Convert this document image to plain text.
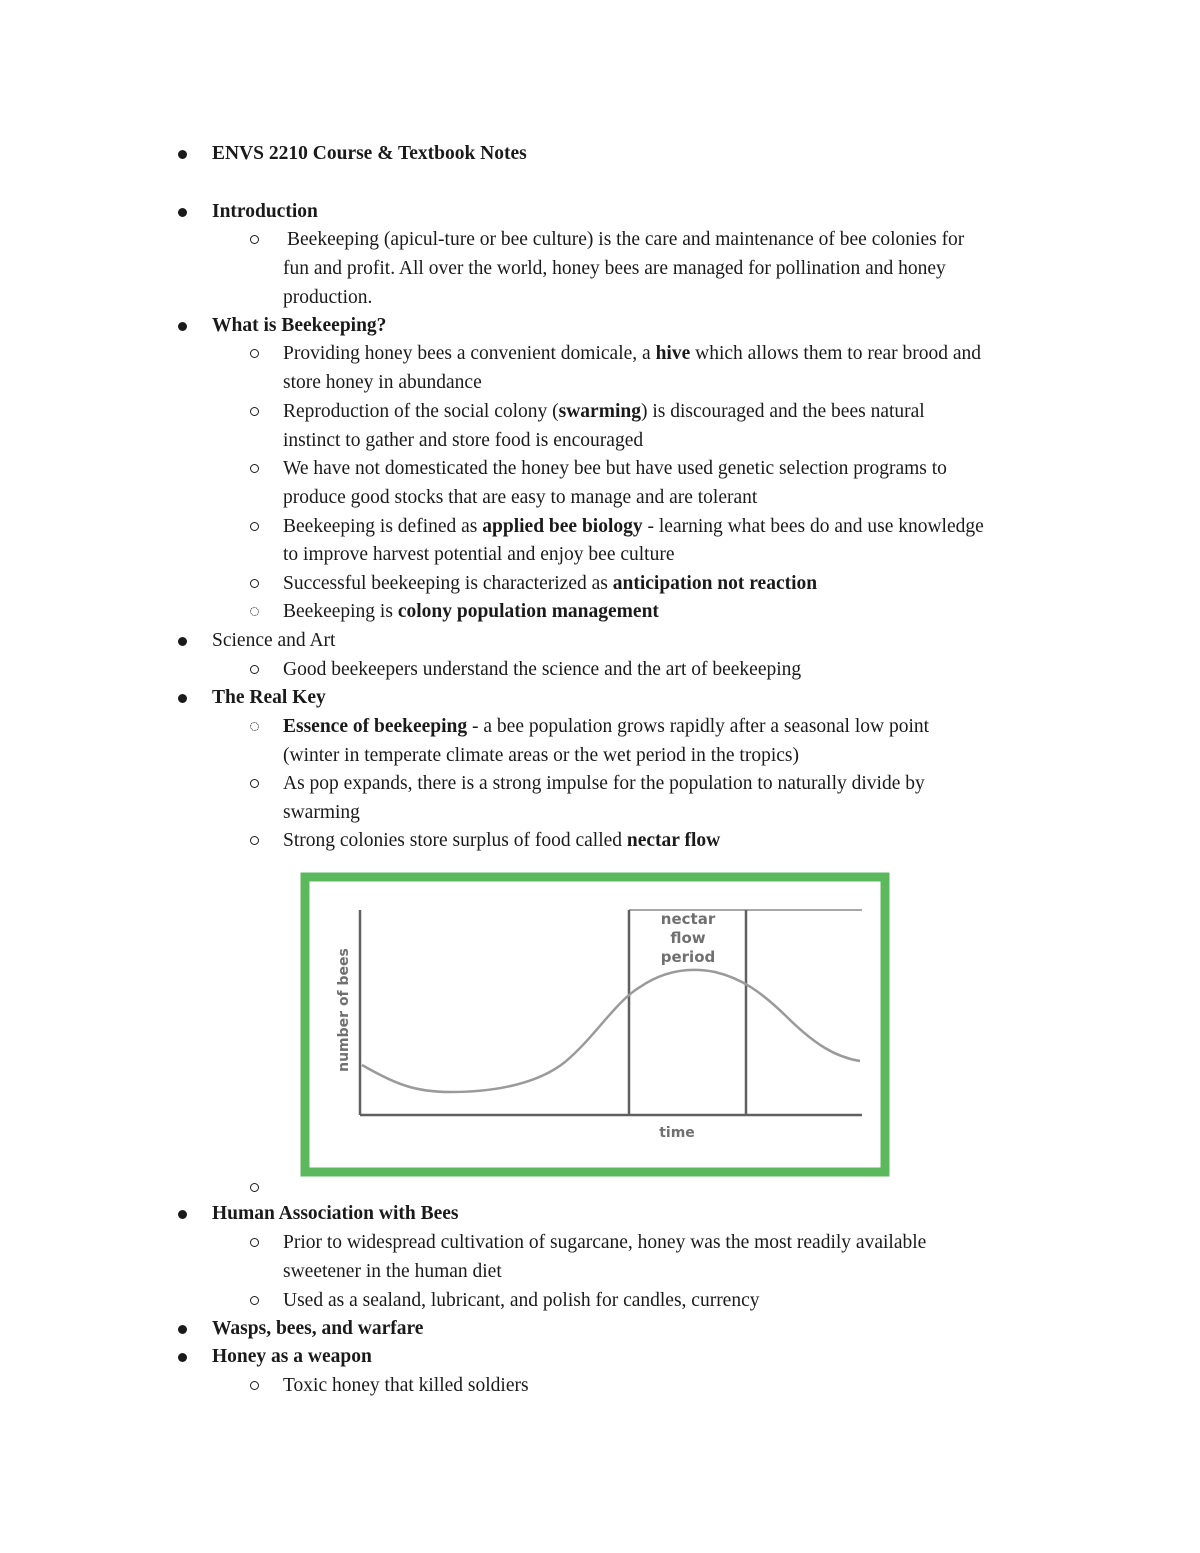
ENVS 2210 Course & Textbook Notes
Introduction
Beekeeping (apicul-ture or bee culture) is the care and maintenance of bee colonies for
fun and profit. All over the world, honey bees are managed for pollination and honey
production.
What is Beekeeping?
Providing honey bees a convenient domicale, a hive which allows them to rear brood and
store honey in abundance
Reproduction of the social colony (swarming) is discouraged and the bees natural
instinct to gather and store food is encouraged
We have not domesticated the honey bee but have used genetic selection programs to
produce good stocks that are easy to manage and are tolerant
Beekeeping is defined as applied bee biology - learning what bees do and use knowledge
to improve harvest potential and enjoy bee culture
Successful beekeeping is characterized as anticipation not reaction
Beekeeping is colony population management
Science and Art
Good beekeepers understand the science and the art of beekeeping
The Real Key
Essence of beekeeping - a bee population grows rapidly after a seasonal low point
(winter in temperate climate areas or the wet period in the tropics)
As pop expands, there is a strong impulse for the population to naturally divide by
swarming
Strong colonies store surplus of food called nectar flow
nectar
flow
period
time
number of bees
Human Association with Bees
Prior to widespread cultivation of sugarcane, honey was the most readily available
sweetener in the human diet
Used as a sealand, lubricant, and polish for candles, currency
Wasps, bees, and warfare
Honey as a weapon
Toxic honey that killed soldiers
